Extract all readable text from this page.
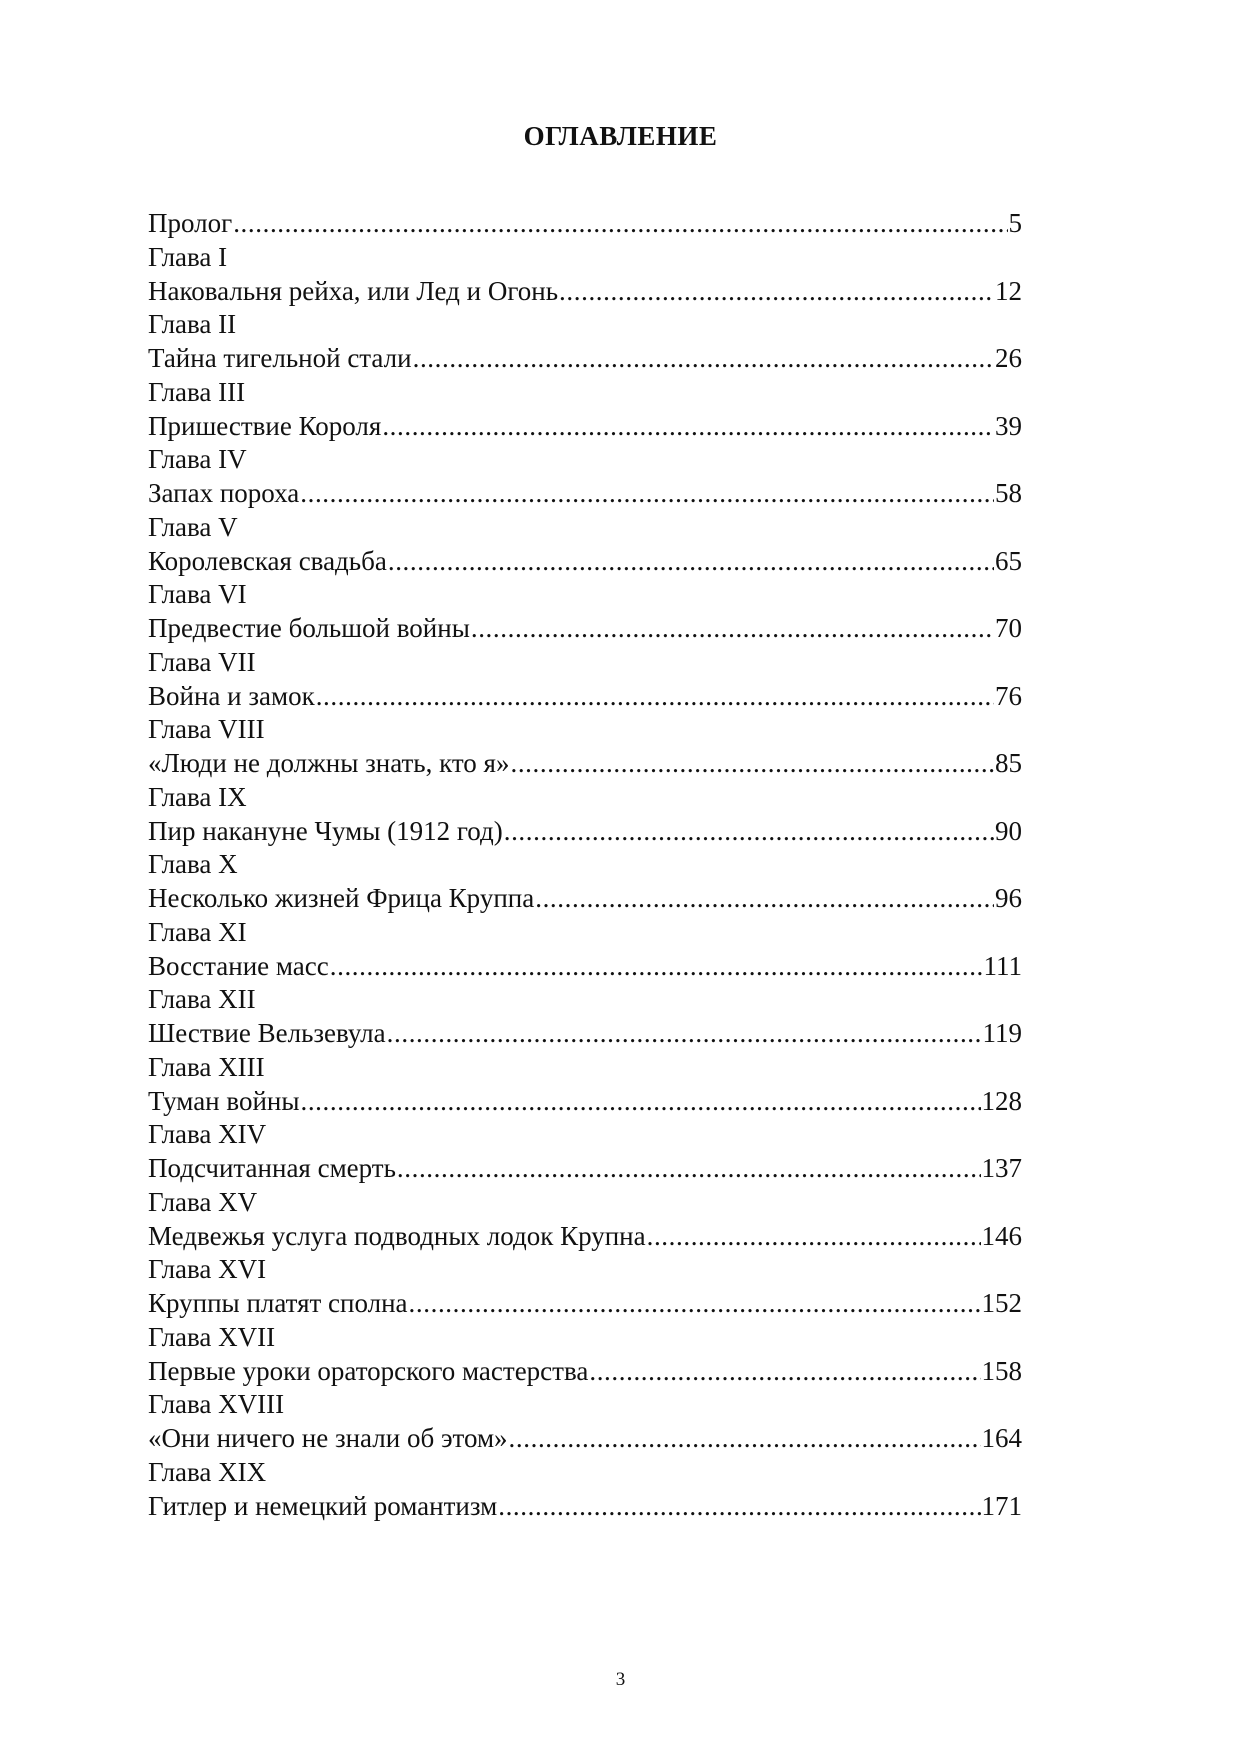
ОГЛАВЛЕНИЕ
Пролог .....	5
Глава I
Наковальня рейха, или Лед и Огонь .....	12
Глава II
Тайна тигельной стали .....	26
Глава III
Пришествие Короля .....	39
Глава IV
Запах пороха .....	58
Глава V
Королевская свадьба .....	65
Глава VI
Предвестие большой войны .....	70
Глава VII
Война и замок .....	76
Глава VIII
«Люди не должны знать, кто я» .....	85
Глава IX
Пир накануне Чумы (1912 год) .....	90
Глава X
Несколько жизней Фрица Круппа .....	96
Глава XI
Восстание масс .....	111
Глава XII
Шествие Вельзевула .....	119
Глава XIII
Туман войны .....	128
Глава XIV
Подсчитанная смерть .....	137
Глава XV
Медвежья услуга подводных лодок Крупна .....	146
Глава XVI
Круппы платят сполна .....	152
Глава XVII
Первые уроки ораторского мастерства .....	158
Глава XVIII
«Они ничего не знали об этом» .....	164
Глава XIX
Гитлер и немецкий романтизм .....	171
3
